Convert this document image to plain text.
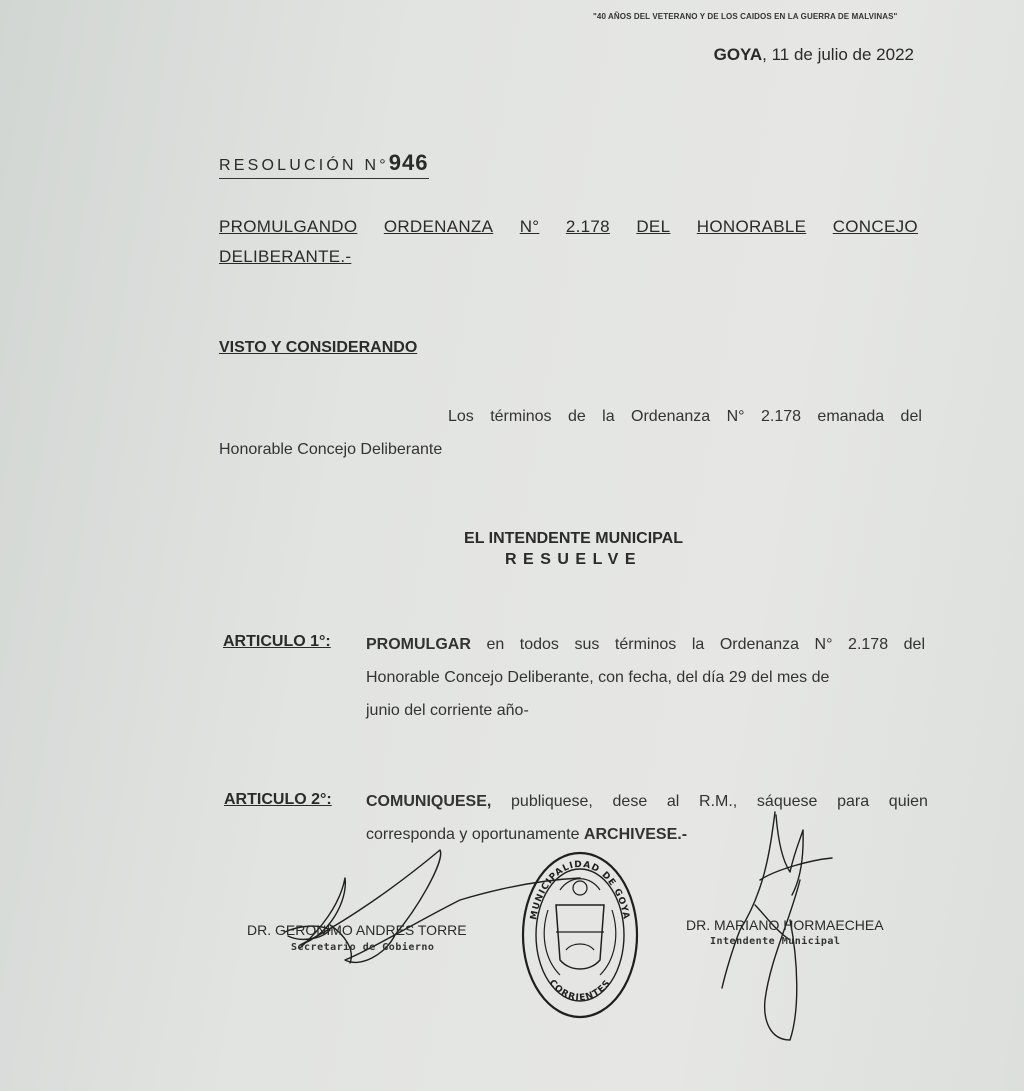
"40 AÑOS DEL VETERANO Y DE LOS CAIDOS EN LA GUERRA DE MALVINAS"
GOYA, 11 de julio de 2022
RESOLUCIÓN N°946
PROMULGANDO ORDENANZA N° 2.178 DEL HONORABLE CONCEJO
DELIBERANTE.-
VISTO Y CONSIDERANDO
Los términos de la Ordenanza N° 2.178 emanada del
Honorable Concejo Deliberante
EL INTENDENTE MUNICIPAL
RESUELVE
ARTICULO 1°: PROMULGAR en todos sus términos la Ordenanza N° 2.178 del
Honorable Concejo Deliberante, con fecha, del día 29 del mes de
junio del corriente año-
ARTICULO 2°: COMUNIQUESE, publiquese, dese al R.M., sáquese para quien
corresponda y oportunamente ARCHIVESE.-
MUNICIPALIDAD DE GOYA
CORRIENTES
DR. GERONIMO ANDRES TORRE
Secretario de Gobierno
DR. MARIANO HORMAECHEA
Intendente Municipal
